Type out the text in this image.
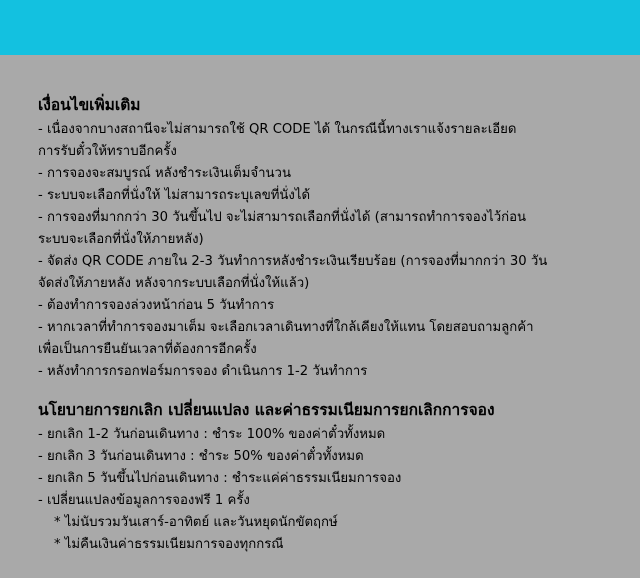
เงื่อนไขเพิ่มเติม
- เนื่องจากบางสถานีจะไม่สามารถใช้ QR CODE ได้ ในกรณีนี้ทางเราแจ้งรายละเอียด
การรับตั๋วให้ทราบอีกครั้ง
- การจองจะสมบูรณ์ หลังชำระเงินเต็มจำนวน
- ระบบจะเลือกที่นั่งให้ ไม่สามารถระบุเลขที่นั่งได้
- การจองที่มากกว่า 30 วันขึ้นไป จะไม่สามารถเลือกที่นั่งได้ (สามารถทำการจองไว้ก่อน
ระบบจะเลือกที่นั่งให้ภายหลัง)
- จัดส่ง QR CODE ภายใน 2-3 วันทำการหลังชำระเงินเรียบร้อย (การจองที่มากกว่า 30 วัน
จัดส่งให้ภายหลัง หลังจากระบบเลือกที่นั่งให้แล้ว)
- ต้องทำการจองล่วงหน้าก่อน 5 วันทำการ
- หากเวลาที่ทำการจองมาเต็ม จะเลือกเวลาเดินทางที่ใกล้เคียงให้แทน โดยสอบถามลูกค้า
เพื่อเป็นการยืนยันเวลาที่ต้องการอีกครั้ง
- หลังทำการกรอกฟอร์มการจอง ดำเนินการ 1-2 วันทำการ
นโยบายการยกเลิก เปลี่ยนแปลง และค่าธรรมเนียมการยกเลิกการจอง
- ยกเลิก 1-2 วันก่อนเดินทาง : ชำระ 100% ของค่าตั๋วทั้งหมด
- ยกเลิก 3 วันก่อนเดินทาง : ชำระ 50% ของค่าตั๋วทั้งหมด
- ยกเลิก 5 วันขึ้นไปก่อนเดินทาง : ชำระแค่ค่าธรรมเนียมการจอง
- เปลี่ยนแปลงข้อมูลการจองฟรี 1 ครั้ง
* ไม่นับรวมวันเสาร์-อาทิตย์ และวันหยุดนักขัตฤกษ์
* ไม่คืนเงินค่าธรรมเนียมการจองทุกกรณี
